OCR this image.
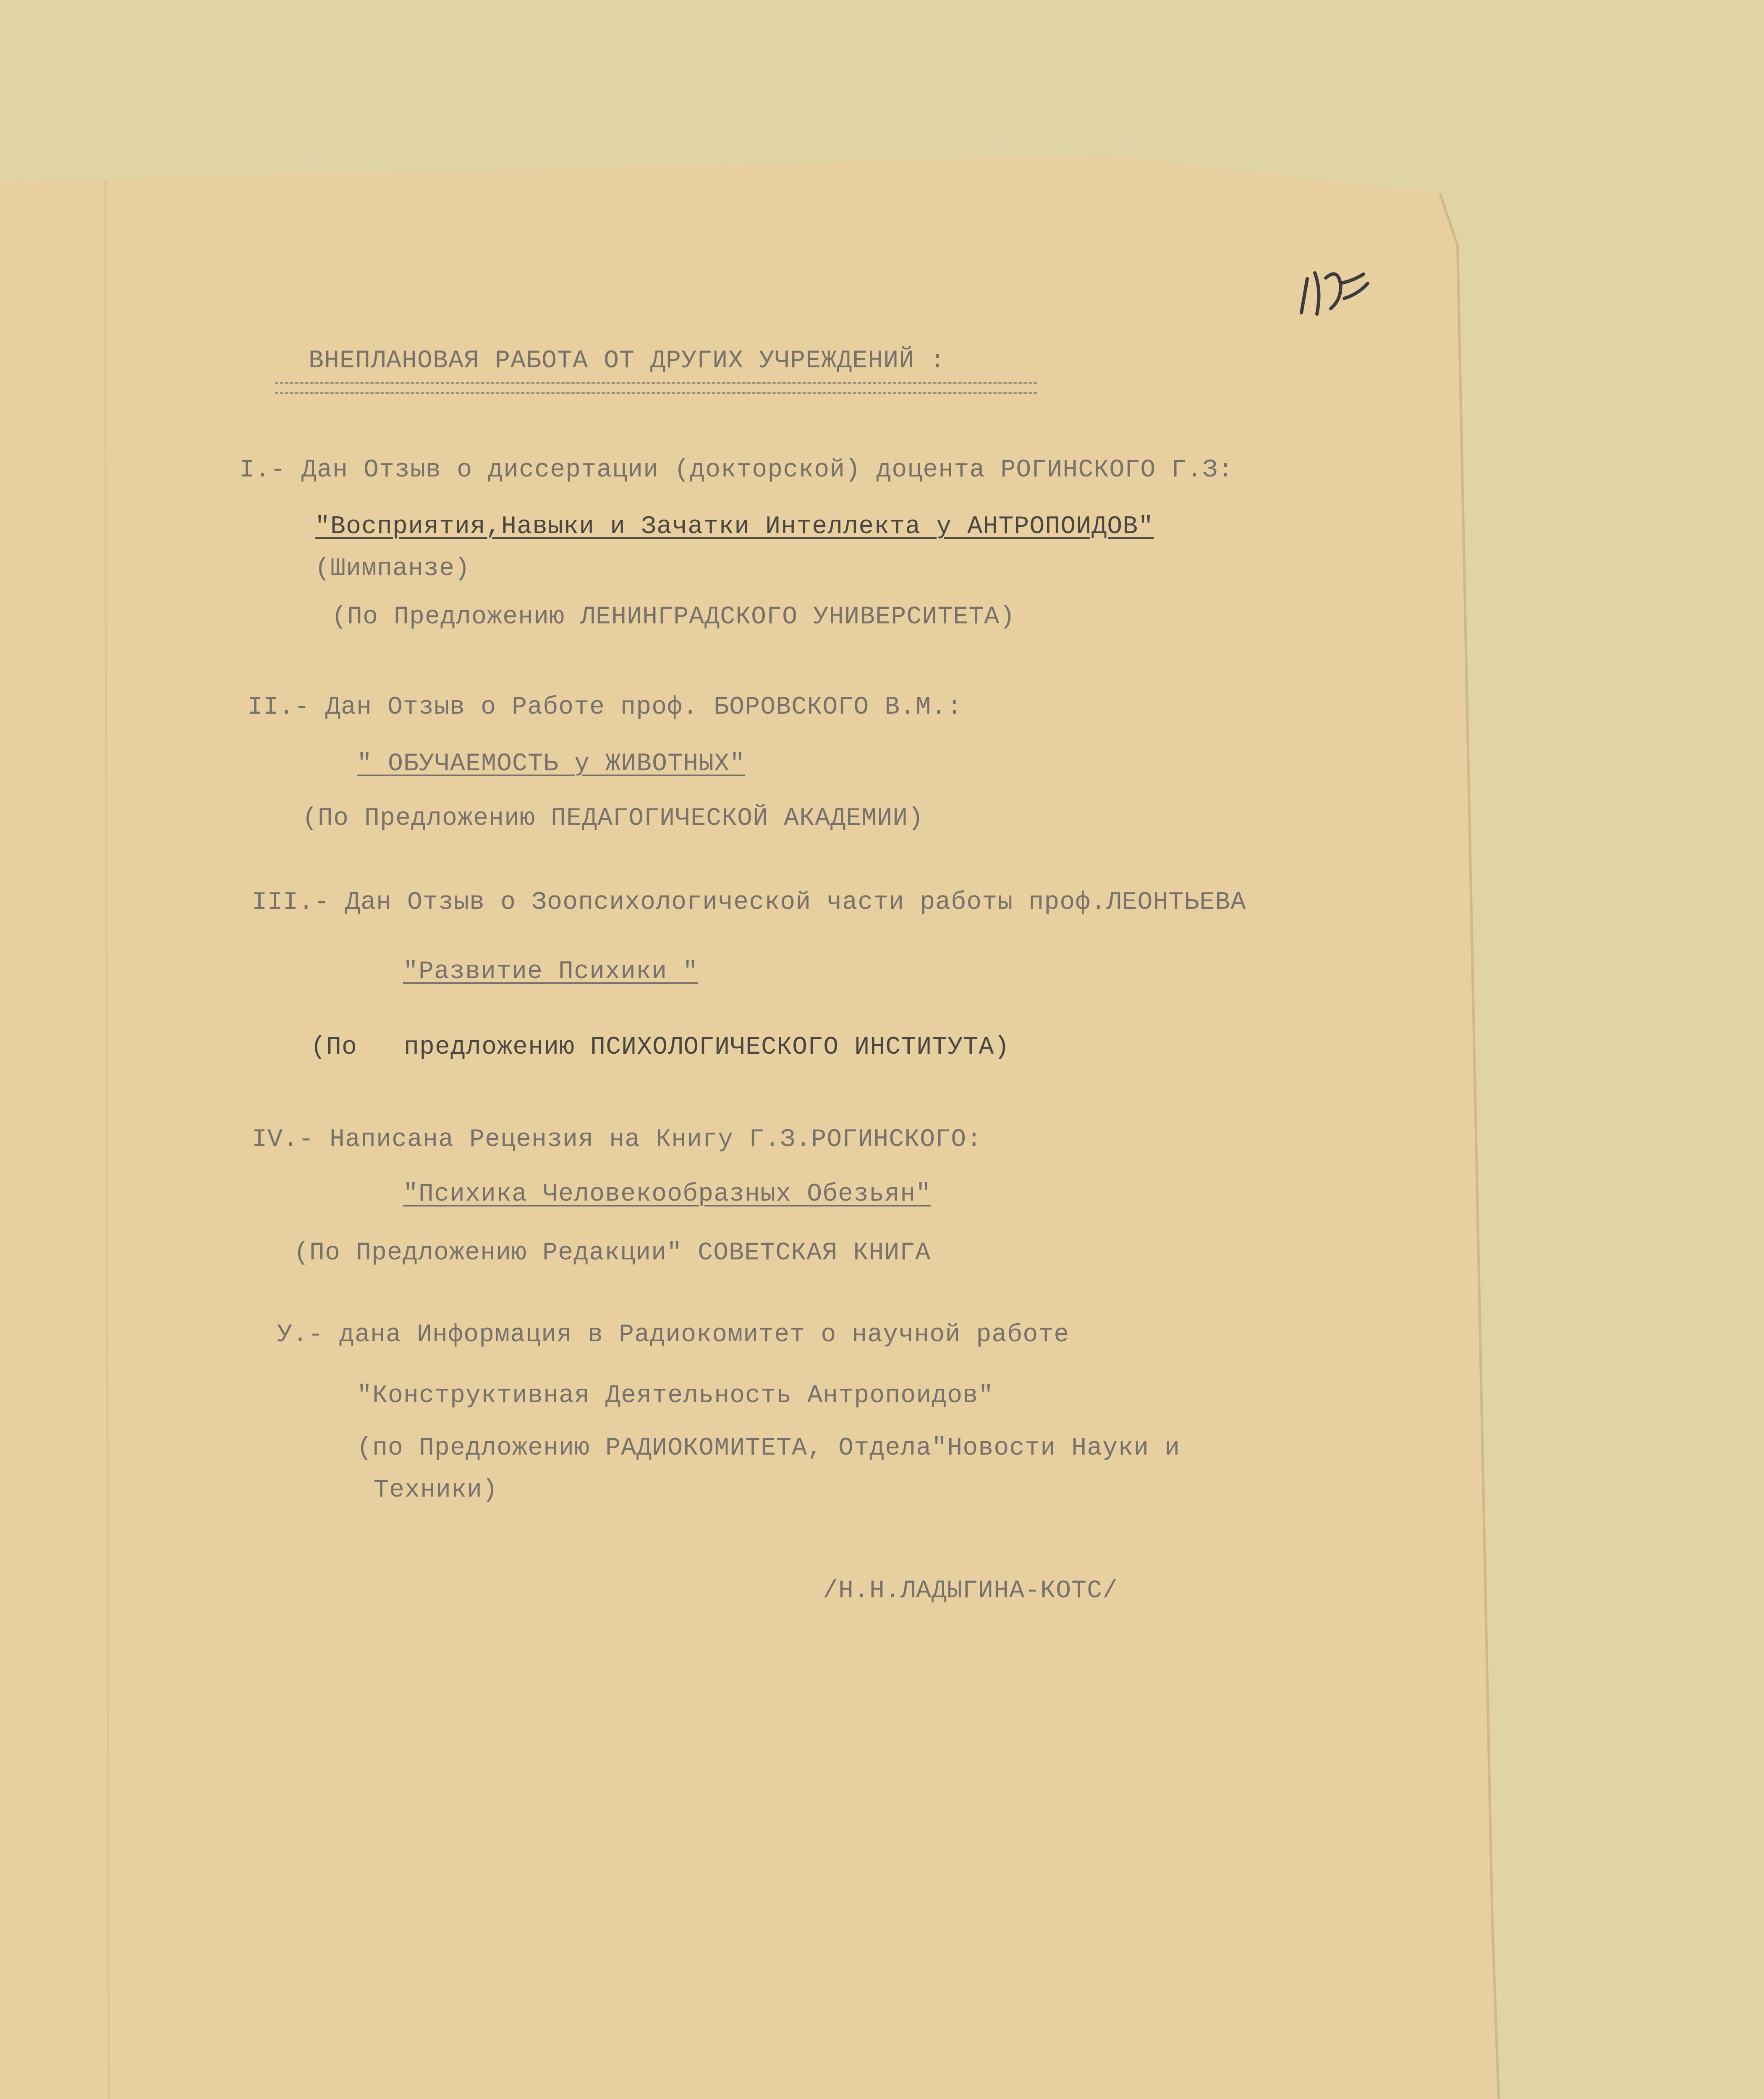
ВНЕПЛАНОВАЯ РАБОТА ОТ ДРУГИХ УЧРЕЖДЕНИЙ :
I.- Дан Отзыв о диссертации (докторской) доцента РОГИНСКОГО Г.З:
"Восприятия,Навыки и Зачатки Интеллекта у АНТРОПОИДОВ"
(Шимпанзе)
(По Предложению ЛЕНИНГРАДСКОГО УНИВЕРСИТЕТА)
II.- Дан Отзыв о Работе проф. БОРОВСКОГО В.М.:
" ОБУЧАЕМОСТЬ у ЖИВОТНЫХ"
(По Предложению ПЕДАГОГИЧЕСКОЙ АКАДЕМИИ)
III.- Дан Отзыв о Зоопсихологической части работы проф.ЛЕОНТЬЕВА
"Развитие Психики "
(По   предложению ПСИХОЛОГИЧЕСКОГО ИНСТИТУТА)
IV.- Написана Рецензия на Книгу Г.З.РОГИНСКОГО:
"Психика Человекообразных Обезьян"
(По Предложению Редакции" СОВЕТСКАЯ КНИГА
У.- дана Информация в Радиокомитет о научной работе
"Конструктивная Деятельность Антропоидов"
(по Предложению РАДИОКОМИТЕТА, Отдела"Новости Науки и
Техники)
/Н.Н.ЛАДЫГИНА-КОТС/
